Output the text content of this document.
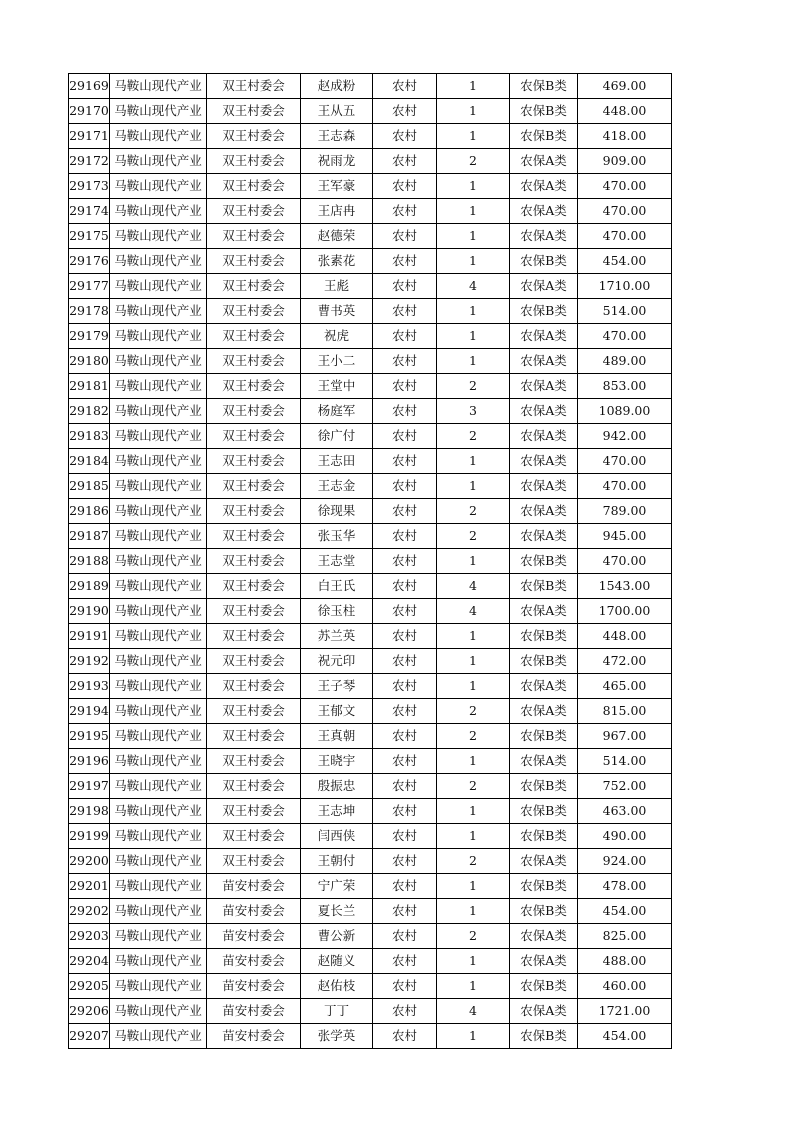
29169	马鞍山现代产业	双王村委会	赵成粉	农村	1	农保B类	469.00
29170	马鞍山现代产业	双王村委会	王从五	农村	1	农保B类	448.00
29171	马鞍山现代产业	双王村委会	王志森	农村	1	农保B类	418.00
29172	马鞍山现代产业	双王村委会	祝雨龙	农村	2	农保A类	909.00
29173	马鞍山现代产业	双王村委会	王军豪	农村	1	农保A类	470.00
29174	马鞍山现代产业	双王村委会	王店冉	农村	1	农保A类	470.00
29175	马鞍山现代产业	双王村委会	赵德荣	农村	1	农保A类	470.00
29176	马鞍山现代产业	双王村委会	张素花	农村	1	农保B类	454.00
29177	马鞍山现代产业	双王村委会	王彪	农村	4	农保A类	1710.00
29178	马鞍山现代产业	双王村委会	曹书英	农村	1	农保B类	514.00
29179	马鞍山现代产业	双王村委会	祝虎	农村	1	农保A类	470.00
29180	马鞍山现代产业	双王村委会	王小二	农村	1	农保A类	489.00
29181	马鞍山现代产业	双王村委会	王堂中	农村	2	农保A类	853.00
29182	马鞍山现代产业	双王村委会	杨庭军	农村	3	农保A类	1089.00
29183	马鞍山现代产业	双王村委会	徐广付	农村	2	农保A类	942.00
29184	马鞍山现代产业	双王村委会	王志田	农村	1	农保A类	470.00
29185	马鞍山现代产业	双王村委会	王志金	农村	1	农保A类	470.00
29186	马鞍山现代产业	双王村委会	徐现果	农村	2	农保A类	789.00
29187	马鞍山现代产业	双王村委会	张玉华	农村	2	农保A类	945.00
29188	马鞍山现代产业	双王村委会	王志堂	农村	1	农保B类	470.00
29189	马鞍山现代产业	双王村委会	白王氏	农村	4	农保B类	1543.00
29190	马鞍山现代产业	双王村委会	徐玉柱	农村	4	农保A类	1700.00
29191	马鞍山现代产业	双王村委会	苏兰英	农村	1	农保B类	448.00
29192	马鞍山现代产业	双王村委会	祝元印	农村	1	农保B类	472.00
29193	马鞍山现代产业	双王村委会	王子琴	农村	1	农保A类	465.00
29194	马鞍山现代产业	双王村委会	王郁文	农村	2	农保A类	815.00
29195	马鞍山现代产业	双王村委会	王真朝	农村	2	农保B类	967.00
29196	马鞍山现代产业	双王村委会	王晓宇	农村	1	农保A类	514.00
29197	马鞍山现代产业	双王村委会	殷振忠	农村	2	农保B类	752.00
29198	马鞍山现代产业	双王村委会	王志坤	农村	1	农保B类	463.00
29199	马鞍山现代产业	双王村委会	闫西侠	农村	1	农保B类	490.00
29200	马鞍山现代产业	双王村委会	王朝付	农村	2	农保A类	924.00
29201	马鞍山现代产业	苗安村委会	宁广荣	农村	1	农保B类	478.00
29202	马鞍山现代产业	苗安村委会	夏长兰	农村	1	农保B类	454.00
29203	马鞍山现代产业	苗安村委会	曹公新	农村	2	农保A类	825.00
29204	马鞍山现代产业	苗安村委会	赵随义	农村	1	农保A类	488.00
29205	马鞍山现代产业	苗安村委会	赵佑枝	农村	1	农保B类	460.00
29206	马鞍山现代产业	苗安村委会	丁丁	农村	4	农保A类	1721.00
29207	马鞍山现代产业	苗安村委会	张学英	农村	1	农保B类	454.00
